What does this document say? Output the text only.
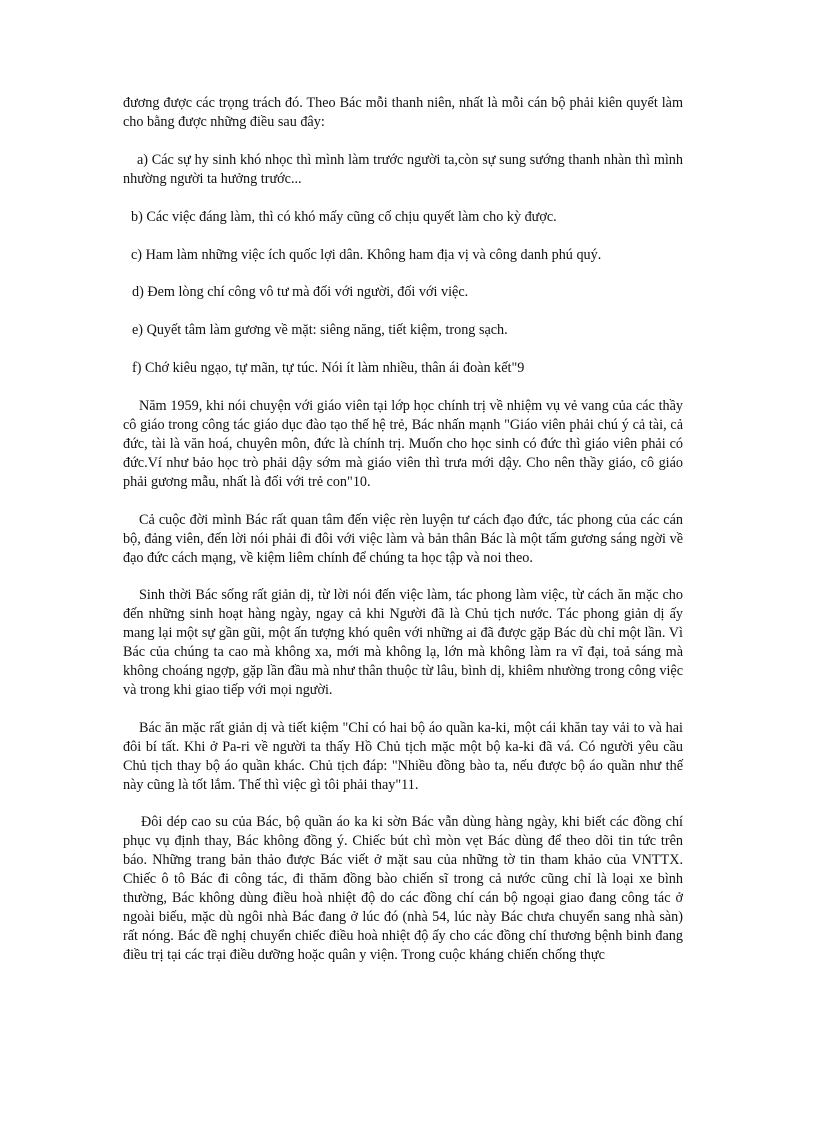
đương được các trọng trách đó. Theo Bác mỗi thanh niên, nhất là mỗi cán bộ phải kiên quyết làm cho bằng được những điều sau đây:

a) Các sự hy sinh khó nhọc thì mình làm trước người ta,còn sự sung sướng thanh nhàn thì mình nhường người ta hưởng trước...

b) Các việc đáng làm, thì có khó mấy cũng cố chịu quyết làm cho kỳ được.

c) Ham làm những việc ích quốc lợi dân. Không ham địa vị và công danh phú quý.

d) Đem lòng chí công vô tư mà đối với người, đối với việc.

e) Quyết tâm làm gương về mặt: siêng năng, tiết kiệm, trong sạch.

f) Chớ kiêu ngạo, tự mãn, tự túc. Nói ít làm nhiều, thân ái đoàn kết"9

Năm 1959, khi nói chuyện với giáo viên tại lớp học chính trị về nhiệm vụ vẻ vang của các thầy cô giáo trong công tác giáo dục đào tạo thế hệ trẻ, Bác nhấn mạnh "Giáo viên phải chú ý cả tài, cả đức, tài là văn hoá, chuyên môn, đức là chính trị. Muốn cho học sinh có đức thì giáo viên phải có đức.Ví như bảo học trò phải dậy sớm mà giáo viên thì trưa mới dậy. Cho nên thầy giáo, cô giáo phải gương mẫu, nhất là đối với trẻ con"10.

Cả cuộc đời mình Bác rất quan tâm đến việc rèn luyện tư cách đạo đức, tác phong của các cán bộ, đảng viên, đến lời nói phải đi đôi với việc làm và bản thân Bác là một tấm gương sáng ngời về đạo đức cách mạng, về kiệm liêm chính để chúng ta học tập và noi theo.

Sinh thời Bác sống rất giản dị, từ lời nói đến việc làm, tác phong làm việc, từ cách ăn mặc cho đến những sinh hoạt hàng ngày, ngay cả khi Người đã là Chủ tịch nước. Tác phong giản dị ấy mang lại một sự gần gũi, một ấn tượng khó quên với những ai đã được gặp Bác dù chỉ một lần. Vì Bác của chúng ta cao mà không xa, mới mà không lạ, lớn mà không làm ra vĩ đại, toả sáng mà không choáng ngợp, gặp lần đầu mà như thân thuộc từ lâu, bình dị, khiêm nhường trong công việc và trong khi giao tiếp với mọi người.

Bác ăn mặc rất giản dị và tiết kiệm "Chỉ có hai bộ áo quần ka-ki, một cái khăn tay vải to và hai đôi bí tất. Khi ở Pa-ri về người ta thấy Hồ Chủ tịch mặc một bộ ka-ki đã vá. Có người yêu cầu Chủ tịch thay bộ áo quần khác. Chủ tịch đáp: "Nhiều đồng bào ta, nếu được bộ áo quần như thế này cũng là tốt lắm. Thế thì việc gì tôi phải thay"11.

Đôi dép cao su của Bác, bộ quần áo ka ki sờn Bác vẫn dùng hàng ngày, khi biết các đồng chí phục vụ định thay, Bác không đồng ý. Chiếc bút chì mòn vẹt Bác dùng để theo dõi tin tức trên báo. Những trang bản thảo được Bác viết ở mặt sau của những tờ tin tham khảo của VNTTX. Chiếc ô tô Bác đi công tác, đi thăm đồng bào chiến sĩ trong cả nước cũng chỉ là loại xe bình thường, Bác không dùng điều hoà nhiệt độ do các đồng chí cán bộ ngoại giao đang công tác ở ngoài biếu, mặc dù ngôi nhà Bác đang ở lúc đó (nhà 54, lúc này Bác chưa chuyển sang nhà sàn) rất nóng. Bác đề nghị chuyển chiếc điều hoà nhiệt độ ấy cho các đồng chí thương bệnh binh đang điều trị tại các trại điều dưỡng hoặc quân y viện. Trong cuộc kháng chiến chống thực
